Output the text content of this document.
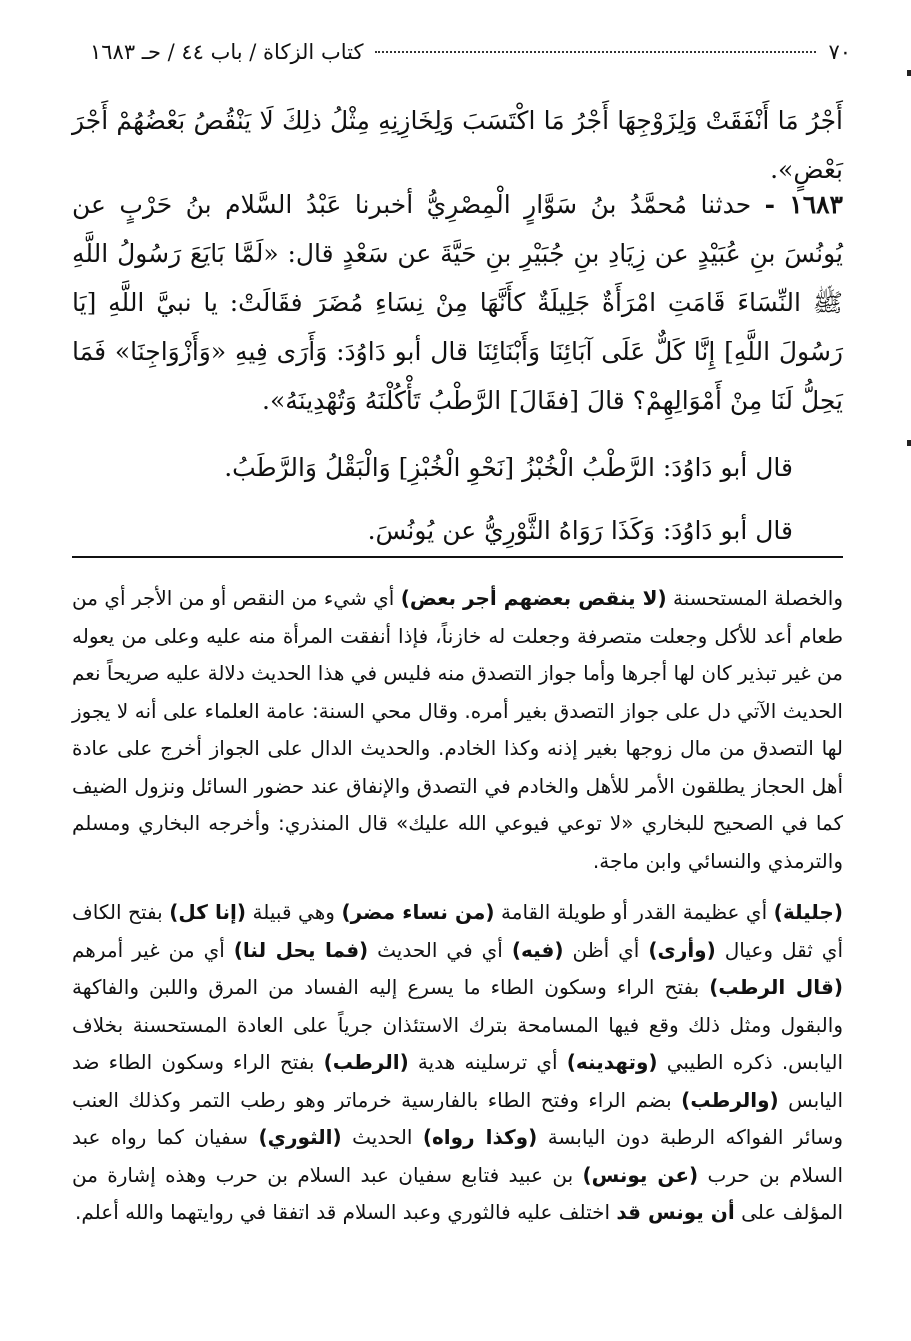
٧٠
كتاب الزكاة / باب ٤٤ / حـ ١٦٨٣

أَجْرُ مَا أَنْفَقَتْ وَلِزَوْجِهَا أَجْرُ مَا اكْتَسَبَ وَلِخَازِنِهِ مِثْلُ ذلِكَ لَا يَنْقُصُ بَعْضُهُمْ أَجْرَ بَعْضٍ».

١٦٨٣ - حدثنا مُحمَّدُ بنُ سَوَّارٍ الْمِصْرِيُّ أخبرنا عَبْدُ السَّلام بنُ حَرْبٍ عن يُونُسَ بنِ عُبَيْدٍ عن زِيَادِ بنِ جُبَيْرِ بنِ حَيَّةَ عن سَعْدٍ قال: «لَمَّا بَايَعَ رَسُولُ اللَّهِ ﷺ النِّسَاءَ قَامَتِ امْرَأَةٌ جَلِيلَةٌ كأَنَّهَا مِنْ نِسَاءِ مُضَرَ فقَالَتْ: يا نبيَّ اللَّهِ [يَا رَسُولَ اللَّهِ] إِنَّا كَلٌّ عَلَى آبَائِنَا وَأَبْنَائِنَا قال أبو دَاوُدَ: وَأَرَى فِيهِ «وَأَزْوَاجِنَا» فَمَا يَحِلُّ لَنَا مِنْ أَمْوَالِهِمْ؟ قالَ [فقَالَ] الرَّطْبُ تَأْكُلْنَهُ وَتُهْدِينَهُ».

قال أبو دَاوُدَ: الرَّطْبُ الْخُبْزُ [نَحْوِ الْخُبْزِ] وَالْبَقْلُ وَالرَّطَبُ.

قال أبو دَاوُدَ: وَكَذَا رَوَاهُ الثَّوْرِيُّ عن يُونُسَ.

والخصلة المستحسنة (لا ينقص بعضهم أجر بعض) أي شيء من النقص أو من الأجر أي من طعام أعد للأكل وجعلت متصرفة وجعلت له خازناً، فإذا أنفقت المرأة منه عليه وعلى من يعوله من غير تبذير كان لها أجرها وأما جواز التصدق منه فليس في هذا الحديث دلالة عليه صريحاً نعم الحديث الآتي دل على جواز التصدق بغير أمره. وقال محي السنة: عامة العلماء على أنه لا يجوز لها التصدق من مال زوجها بغير إذنه وكذا الخادم. والحديث الدال على الجواز أخرج على عادة أهل الحجاز يطلقون الأمر للأهل والخادم في التصدق والإنفاق عند حضور السائل ونزول الضيف كما في الصحيح للبخاري «لا توعي فيوعي الله عليك» قال المنذري: وأخرجه البخاري ومسلم والترمذي والنسائي وابن ماجة.

(جليلة) أي عظيمة القدر أو طويلة القامة (من نساء مضر) وهي قبيلة (إنا كل) بفتح الكاف أي ثقل وعيال (وأرى) أي أظن (فيه) أي في الحديث (فما يحل لنا) أي من غير أمرهم (قال الرطب) بفتح الراء وسكون الطاء ما يسرع إليه الفساد من المرق واللبن والفاكهة والبقول ومثل ذلك وقع فيها المسامحة بترك الاستئذان جرياً على العادة المستحسنة بخلاف اليابس. ذكره الطيبي (وتهدينه) أي ترسلينه هدية (الرطب) بفتح الراء وسكون الطاء ضد اليابس (والرطب) بضم الراء وفتح الطاء بالفارسية خرماتر وهو رطب التمر وكذلك العنب وسائر الفواكه الرطبة دون اليابسة (وكذا رواه) الحديث (الثوري) سفيان كما رواه عبد السلام بن حرب (عن يونس) بن عبيد فتابع سفيان عبد السلام بن حرب وهذه إشارة من المؤلف على أن يونس قد اختلف عليه فالثوري وعبد السلام قد اتفقا في روايتهما والله أعلم.
